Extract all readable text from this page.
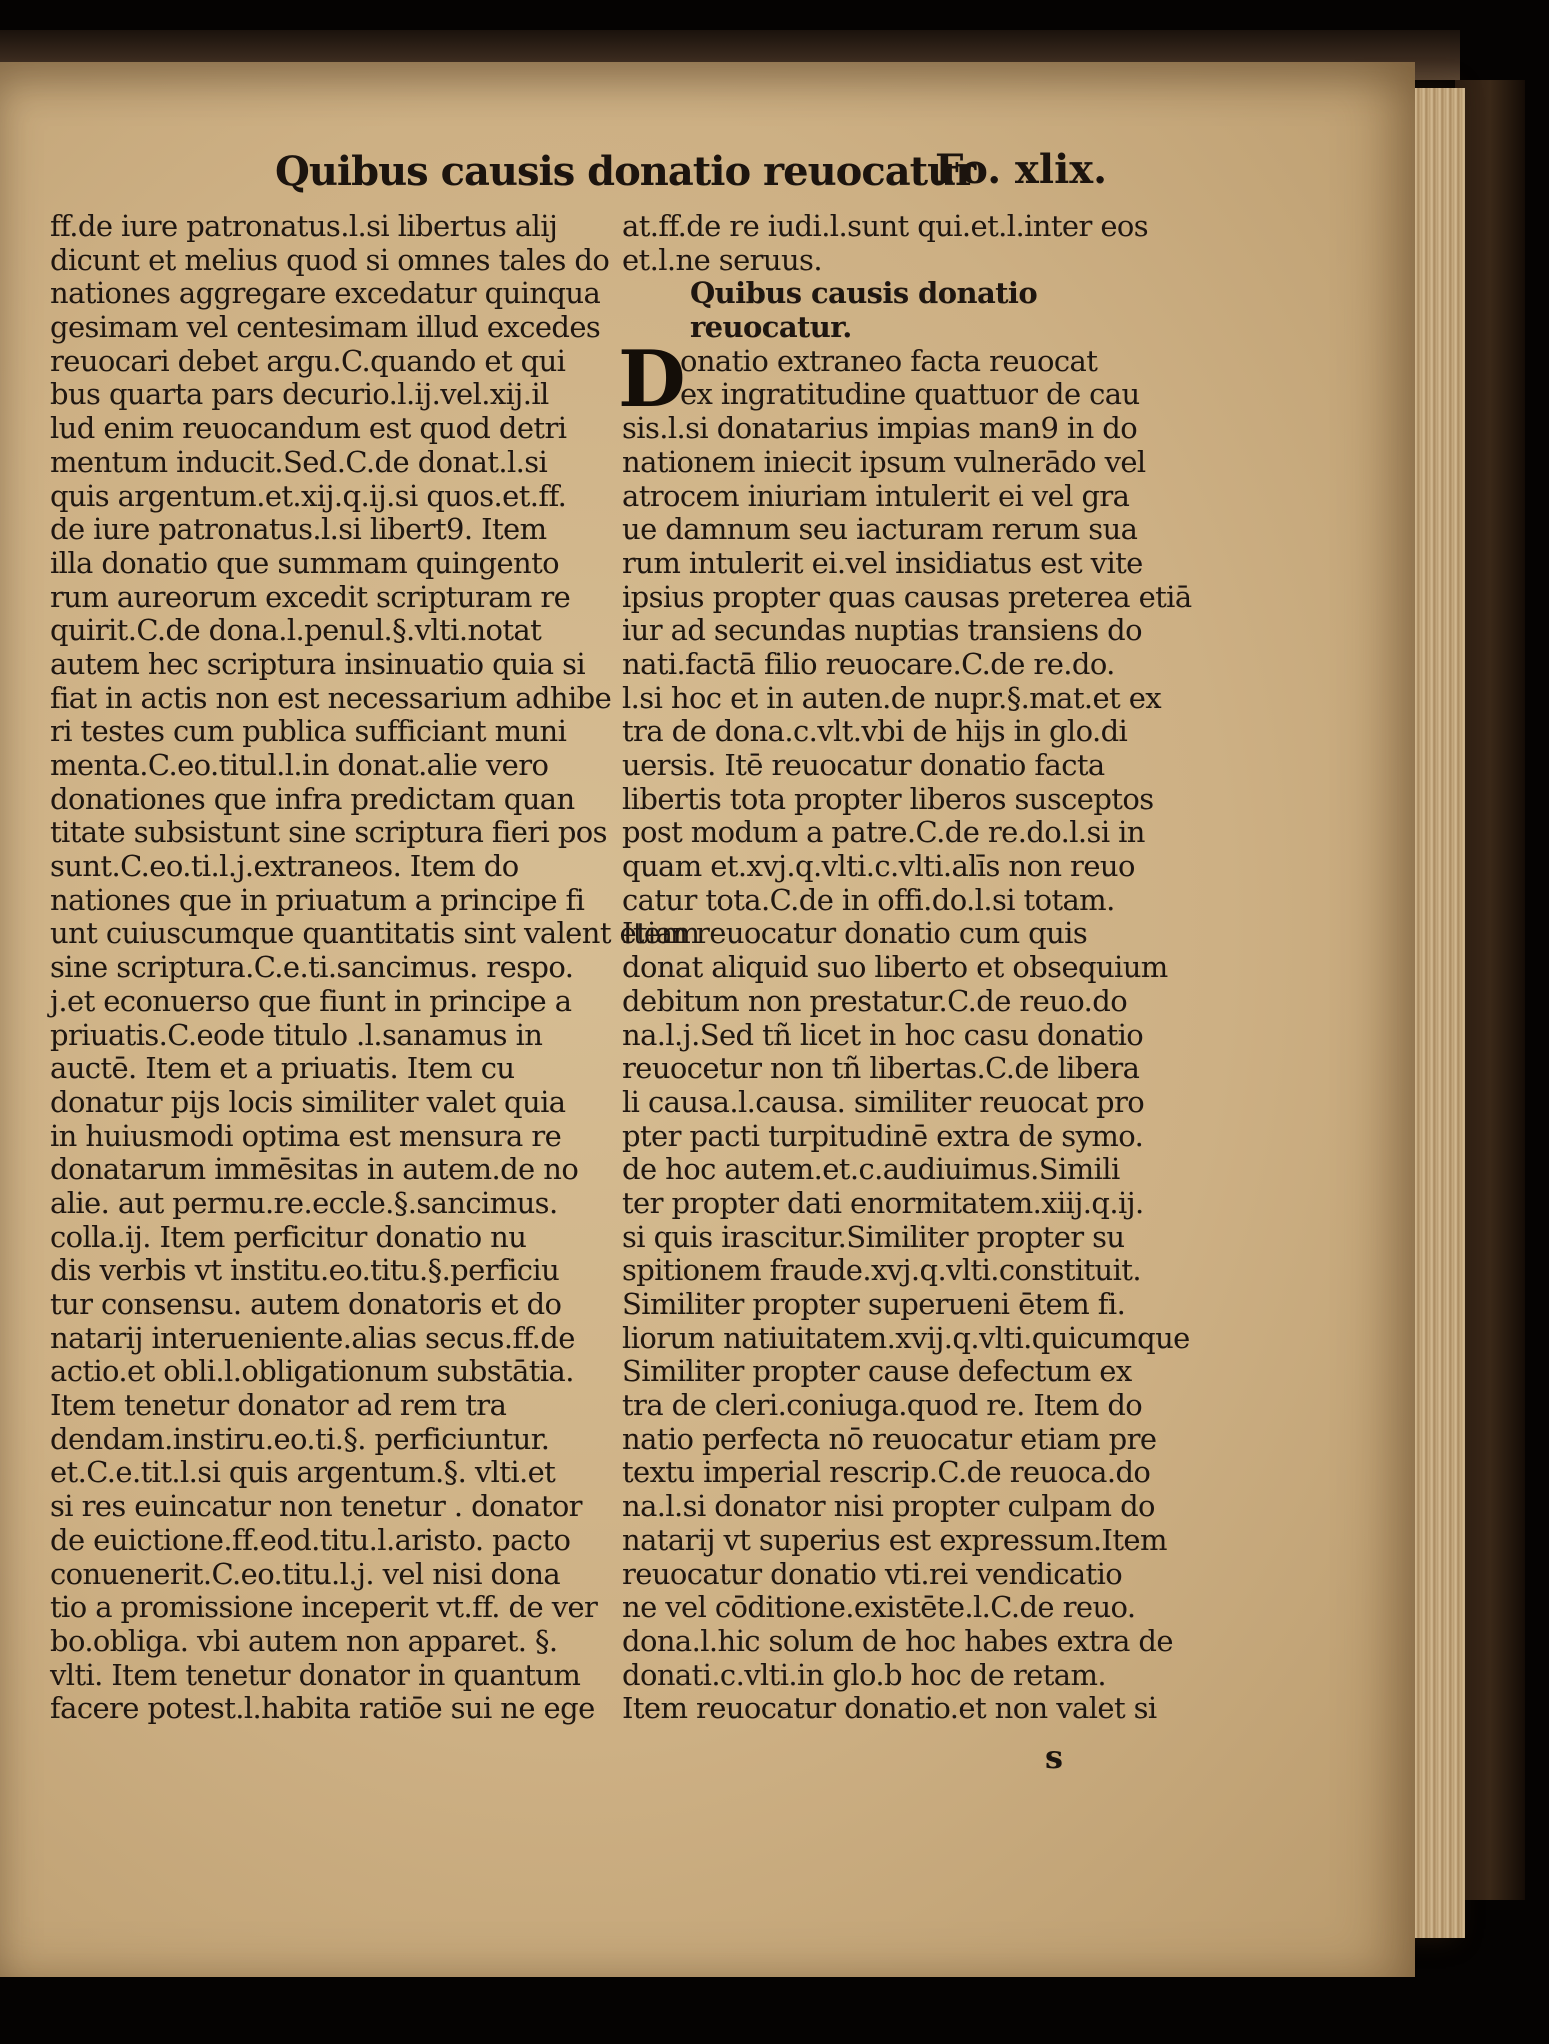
Quibus causis donatio reuocatur
Fo. xlix.
ff.de iure patronatus.l.si libertus alij
dicunt et melius quod si omnes tales do
nationes aggregare excedatur quinqua
gesimam vel centesimam illud excedes
reuocari debet argu.C.quando et qui
bus quarta pars decurio.l.ij.vel.xij.il
lud enim reuocandum est quod detri
mentum inducit.Sed.C.de donat.l.si
quis argentum.et.xij.q.ij.si quos.et.ff.
de iure patronatus.l.si libert9. Item
illa donatio que summam quingento
rum aureorum excedit scripturam re
quirit.C.de dona.l.penul.§.vlti.notat
autem hec scriptura insinuatio quia si
fiat in actis non est necessarium adhibe
ri testes cum publica sufficiant muni
menta.C.eo.titul.l.in donat.alie vero
donationes que infra predictam quan
titate subsistunt sine scriptura fieri pos
sunt.C.eo.ti.l.j.extraneos. Item do
nationes que in priuatum a principe fi
unt cuiuscumque quantitatis sint valent etiam
sine scriptura.C.e.ti.sancimus. respo.
j.et econuerso que fiunt in principe a
priuatis.C.eode titulo .l.sanamus in
auctē. Item et a priuatis. Item cu
donatur pijs locis similiter valet quia
in huiusmodi optima est mensura re
donatarum immēsitas in autem.de no
alie. aut permu.re.eccle.§.sancimus.
colla.ij. Item perficitur donatio nu
dis verbis vt institu.eo.titu.§.perficiu
tur consensu. autem donatoris et do
natarij interueniente.alias secus.ff.de
actio.et obli.l.obligationum substātia.
Item tenetur donator ad rem tra
dendam.instiru.eo.ti.§. perficiuntur.
et.C.e.tit.l.si quis argentum.§. vlti.et
si res euincatur non tenetur . donator
de euictione.ff.eod.titu.l.aristo. pacto
conuenerit.C.eo.titu.l.j. vel nisi dona
tio a promissione inceperit vt.ff. de ver
bo.obliga. vbi autem non apparet. §.
vlti. Item tenetur donator in quantum
facere potest.l.habita ratiōe sui ne ege
at.ff.de re iudi.l.sunt qui.et.l.inter eos
et.l.ne seruus.
Quibus causis donatio
reuocatur.
D
onatio extraneo facta reuocat
ex ingratitudine quattuor de cau
sis.l.si donatarius impias man9 in do
nationem iniecit ipsum vulnerādo vel
atrocem iniuriam intulerit ei vel gra
ue damnum seu iacturam rerum sua
rum intulerit ei.vel insidiatus est vite
ipsius propter quas causas preterea etiā
iur ad secundas nuptias transiens do
nati.factā filio reuocare.C.de re.do.
l.si hoc et in auten.de nupr.§.mat.et ex
tra de dona.c.vlt.vbi de hijs in glo.di
uersis. Itē reuocatur donatio facta
libertis tota propter liberos susceptos
post modum a patre.C.de re.do.l.si in
quam et.xvj.q.vlti.c.vlti.alīs non reuo
catur tota.C.de in offi.do.l.si totam.
Item reuocatur donatio cum quis
donat aliquid suo liberto et obsequium
debitum non prestatur.C.de reuo.do
na.l.j.Sed tñ licet in hoc casu donatio
reuocetur non tñ libertas.C.de libera
li causa.l.causa. similiter reuocat pro
pter pacti turpitudinē extra de symo.
de hoc autem.et.c.audiuimus.Simili
ter propter dati enormitatem.xiij.q.ij.
si quis irascitur.Similiter propter su
spitionem fraude.xvj.q.vlti.constituit.
Similiter propter superueni ētem fi.
liorum natiuitatem.xvij.q.vlti.quicumque
Similiter propter cause defectum ex
tra de cleri.coniuga.quod re. Item do
natio perfecta nō reuocatur etiam pre
textu imperial rescrip.C.de reuoca.do
na.l.si donator nisi propter culpam do
natarij vt superius est expressum.Item
reuocatur donatio vti.rei vendicatio
ne vel cōditione.existēte.l.C.de reuo.
dona.l.hic solum de hoc habes extra de
donati.c.vlti.in glo.b hoc de retam.
Item reuocatur donatio.et non valet si
s
